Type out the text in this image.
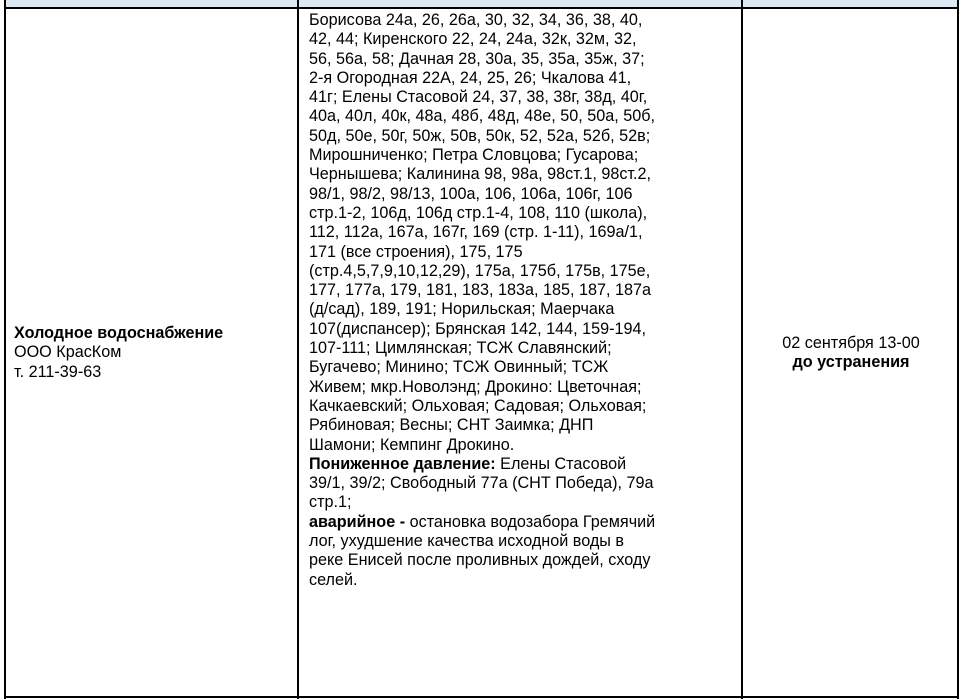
Холодное водоснабжение
ООО КрасКом
т. 211-39-63
Борисова 24а, 26, 26а, 30, 32, 34, 36, 38, 40,
42, 44; Киренского 22, 24, 24а, 32к, 32м, 32,
56, 56а, 58; Дачная 28, 30а, 35, 35а, 35ж, 37;
2-я Огородная 22А, 24, 25, 26; Чкалова 41,
41г; Елены Стасовой 24, 37, 38, 38г, 38д, 40г,
40а, 40л, 40к, 48а, 48б, 48д, 48е, 50, 50а, 50б,
50д, 50е, 50г, 50ж, 50в, 50к, 52, 52а, 52б, 52в;
Мирошниченко; Петра Словцова; Гусарова;
Чернышева; Калинина 98, 98а, 98ст.1, 98ст.2,
98/1, 98/2, 98/13, 100а, 106, 106а, 106г, 106
стр.1-2, 106д, 106д стр.1-4, 108, 110 (школа),
112, 112а, 167а, 167г, 169 (стр. 1-11), 169а/1,
171 (все строения), 175, 175
(стр.4,5,7,9,10,12,29), 175а, 175б, 175в, 175е,
177, 177а, 179, 181, 183, 183а, 185, 187, 187а
(д/сад), 189, 191; Норильская; Маерчака
107(диспансер); Брянская 142, 144, 159-194,
107-111; Цимлянская; ТСЖ Славянский;
Бугачево; Минино; ТСЖ Овинный; ТСЖ
Живем; мкр.Новолэнд; Дрокино: Цветочная;
Качкаевский; Ольховая; Садовая; Ольховая;
Рябиновая; Весны; СНТ Заимка; ДНП
Шамони; Кемпинг Дрокино.
Пониженное давление: Елены Стасовой
39/1, 39/2; Свободный 77а (СНТ Победа), 79а
стр.1;
аварийное - остановка водозабора Гремячий
лог, ухудшение качества исходной воды в
реке Енисей после проливных дождей, сходу
селей.
02 сентября 13-00
до устранения
